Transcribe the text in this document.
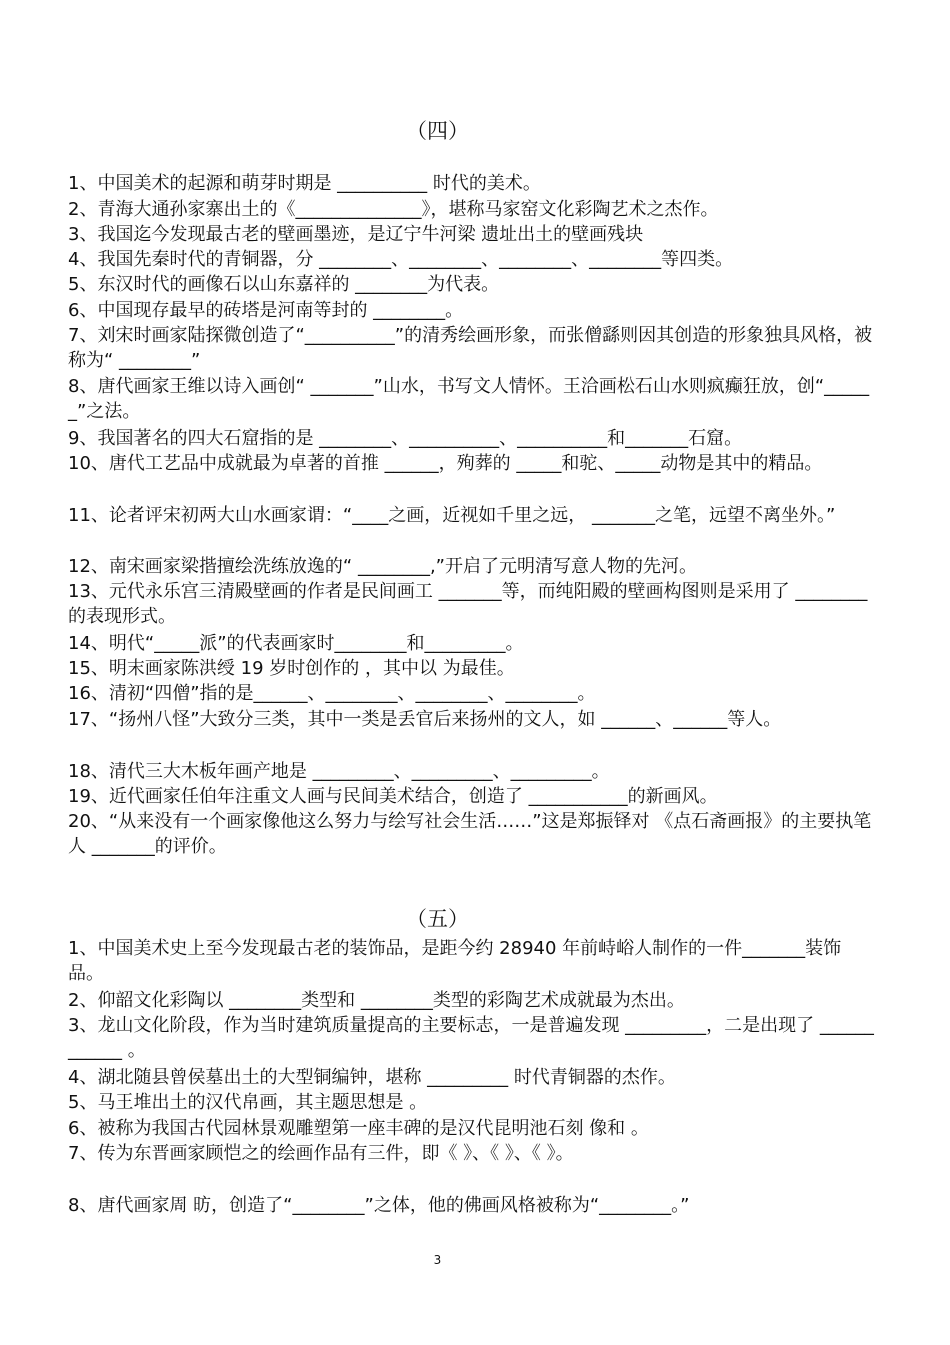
（四）
1、中国美术的起源和萌芽时期是 __________ 时代的美术。
2、青海大通孙家寨出土的《______________》，堪称马家窑文化彩陶艺术之杰作。
3、我国迄今发现最古老的壁画墨迹，是辽宁牛河梁 遗址出土的壁画残块
4、我国先秦时代的青铜器，分 ________、________、________、________等四类。
5、东汉时代的画像石以山东嘉祥的 ________为代表。
6、中国现存最早的砖塔是河南等封的 ________。
7、刘宋时画家陆探微创造了“__________”的清秀绘画形象，而张僧繇则因其创造的形象独具风格，被称为“ ________”
8、唐代画家王维以诗入画创“ _______”山水，书写文人情怀。王洽画松石山水则疯癫狂放，创“______”之法。
9、我国著名的四大石窟指的是 ________、__________、__________和_______石窟。
10、唐代工艺品中成就最为卓著的首推 ______，殉葬的 _____和驼、_____动物是其中的精品。
11、论者评宋初两大山水画家谓：“____之画，近视如千里之远， _______之笔，远望不离坐外。”
12、南宋画家梁揩擅绘洗练放逸的“ ________,”开启了元明清写意人物的先河。
13、元代永乐宫三清殿壁画的作者是民间画工 _______等，而纯阳殿的壁画构图则是采用了 ________的表现形式。
14、明代“_____派”的代表画家时________和_________。
15、明末画家陈洪绶 19 岁时创作的 ，其中以 为最佳。
16、清初“四僧”指的是______、________、________、________。
17、“扬州八怪”大致分三类，其中一类是丢官后来扬州的文人，如 ______、______等人。
18、清代三大木板年画产地是 _________、_________、_________。
19、近代画家任伯年注重文人画与民间美术结合，创造了 ___________的新画风。
20、“从来没有一个画家像他这么努力与绘写社会生活……”这是郑振铎对 《点石斋画报》的主要执笔人 _______的评价。
（五）
1、中国美术史上至今发现最古老的装饰品，是距今约 28940 年前峙峪人制作的一件_______装饰品。
2、仰韶文化彩陶以 ________类型和 ________类型的彩陶艺术成就最为杰出。
3、龙山文化阶段，作为当时建筑质量提高的主要标志，一是普遍发现 _________，二是出现了 ____________ 。
4、湖北随县曾侯墓出土的大型铜编钟，堪称 _________ 时代青铜器的杰作。
5、马王堆出土的汉代帛画，其主题思想是 。
6、被称为我国古代园林景观雕塑第一座丰碑的是汉代昆明池石刻 像和 。
7、传为东晋画家顾恺之的绘画作品有三件，即《 》、《 》、《 》。
8、唐代画家周 昉，创造了“________”之体，他的佛画风格被称为“________。”
3
